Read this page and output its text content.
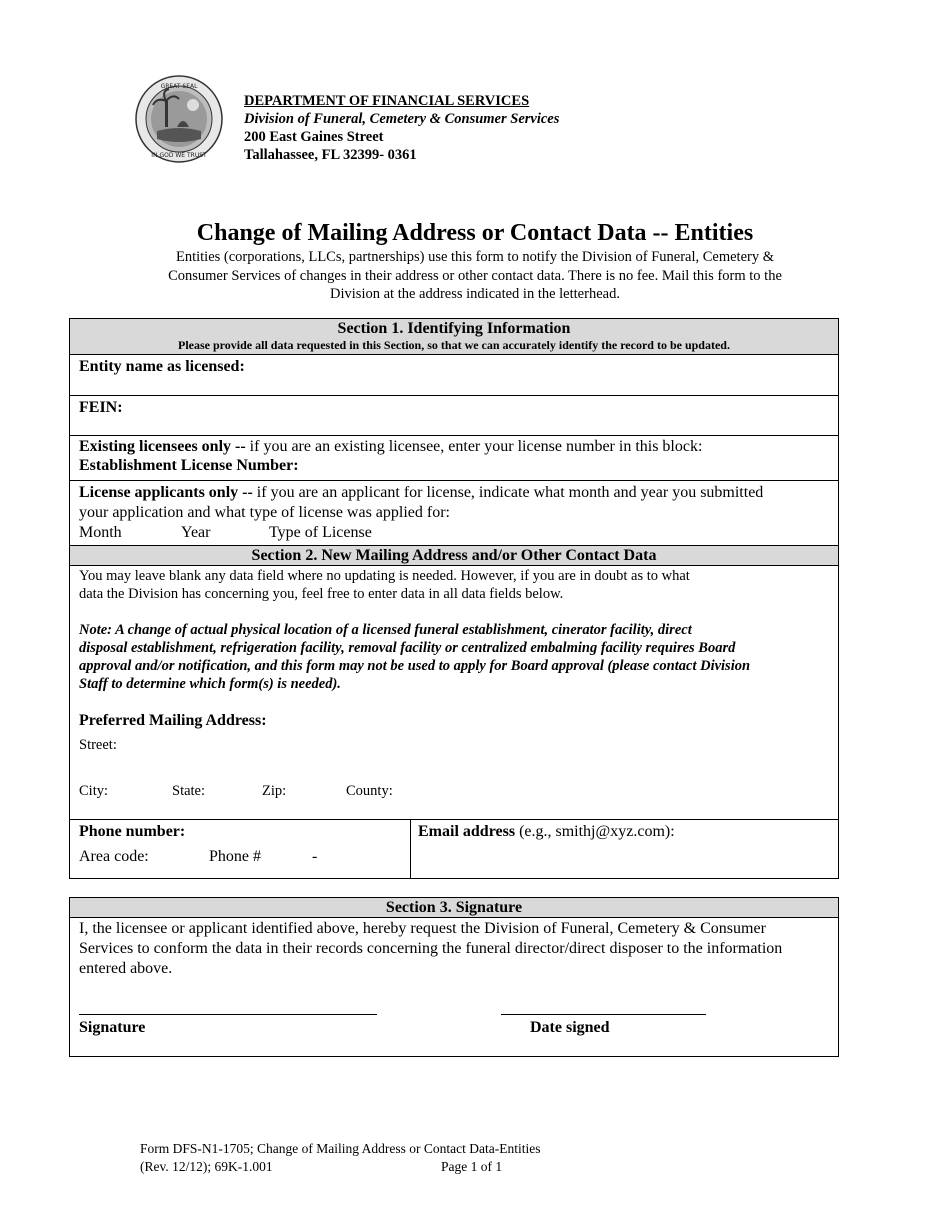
GREAT SEAL
IN GOD WE TRUST
DEPARTMENT OF FINANCIAL SERVICES
Division of Funeral, Cemetery & Consumer Services
200 East Gaines Street
Tallahassee, FL 32399- 0361
Change of Mailing Address or Contact Data -- Entities
Entities (corporations, LLCs, partnerships) use this form to notify the Division of Funeral, Cemetery &
Consumer Services of changes in their address or other contact data. There is no fee. Mail this form to the
Division at the address indicated in the letterhead.
Section 1. Identifying Information
Please provide all data requested in this Section, so that we can accurately identify the record to be updated.
Entity name as licensed:
FEIN:
Existing licensees only -- if you are an existing licensee, enter your license number in this block:
Establishment License Number:
License applicants only -- if you are an applicant for license, indicate what month and year you submitted
your application and what type of license was applied for:
Month	Year	Type of License
Section 2. New Mailing Address and/or Other Contact Data
You may leave blank any data field where no updating is needed. However, if you are in doubt as to what
data the Division has concerning you, feel free to enter data in all data fields below.
Note: A change of actual physical location of a licensed funeral establishment, cinerator facility, direct
disposal establishment, refrigeration facility, removal facility or centralized embalming facility requires Board
approval and/or notification, and this form may not be used to apply for Board approval (please contact Division
Staff to determine which form(s) is needed).
Preferred Mailing Address:
Street:
City:	State:	Zip:	County:
Phone number:
Area code:	Phone #	-
Email address (e.g., smithj@xyz.com):
Section 3. Signature
I, the licensee or applicant identified above, hereby request the Division of Funeral, Cemetery & Consumer
Services to conform the data in their records concerning the funeral director/direct disposer to the information
entered above.
Signature	Date signed
Form DFS-N1-1705; Change of Mailing Address or Contact Data-Entities
(Rev. 12/12); 69K-1.001	Page 1 of 1
